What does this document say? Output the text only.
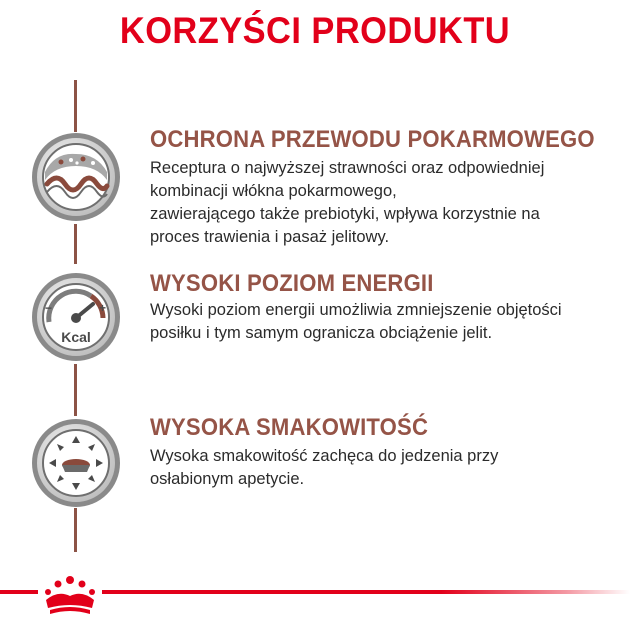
KORZYŚCI PRODUKTU
OCHRONA PRZEWODU POKARMOWEGO
Receptura o najwyższej strawności oraz odpowiedniej
kombinacji włókna pokarmowego,
zawierającego także prebiotyki, wpływa korzystnie na
proces trawienia i pasaż jelitowy.
−	+
Kcal
WYSOKI POZIOM ENERGII
Wysoki poziom energii umożliwia zmniejszenie objętości
posiłku i tym samym ogranicza obciążenie jelit.
WYSOKA SMAKOWITOŚĆ
Wysoka smakowitość zachęca do jedzenia przy
osłabionym apetycie.
